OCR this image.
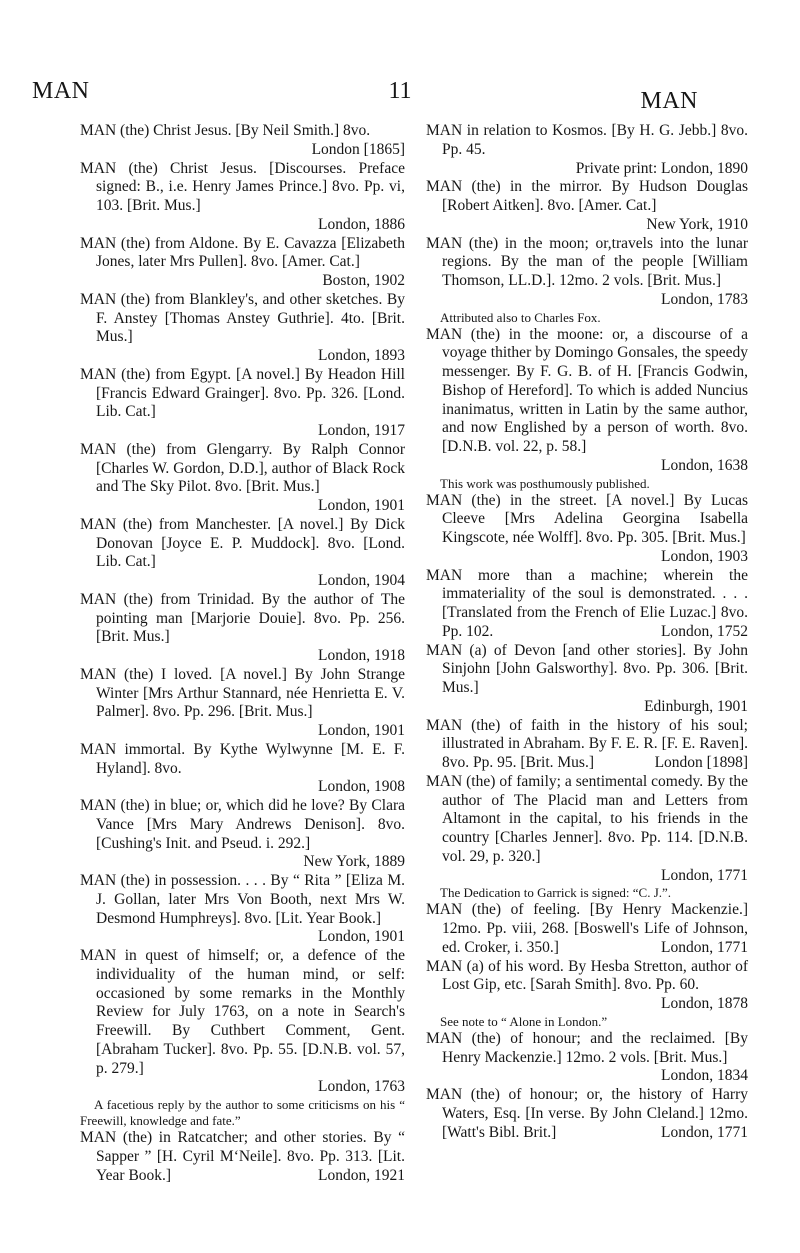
MAN	11	MAN
MAN (the) Christ Jesus. [By Neil Smith.] 8vo.
London [1865]
MAN (the) Christ Jesus. [Discourses. Preface signed: B., i.e. Henry James Prince.] 8vo. Pp. vi, 103. [Brit. Mus.]
London, 1886
MAN (the) from Aldone. By E. Cavazza [Elizabeth Jones, later Mrs Pullen]. 8vo. [Amer. Cat.]
Boston, 1902
MAN (the) from Blankley's, and other sketches. By F. Anstey [Thomas Anstey Guthrie]. 4to. [Brit. Mus.]
London, 1893
MAN (the) from Egypt. [A novel.] By Headon Hill [Francis Edward Grainger]. 8vo. Pp. 326. [Lond. Lib. Cat.]
London, 1917
MAN (the) from Glengarry. By Ralph Connor [Charles W. Gordon, D.D.], author of Black Rock and The Sky Pilot. 8vo. [Brit. Mus.]
London, 1901
MAN (the) from Manchester. [A novel.] By Dick Donovan [Joyce E. P. Muddock]. 8vo. [Lond. Lib. Cat.]
London, 1904
MAN (the) from Trinidad. By the author of The pointing man [Marjorie Douie]. 8vo. Pp. 256. [Brit. Mus.]
London, 1918
MAN (the) I loved. [A novel.] By John Strange Winter [Mrs Arthur Stannard, née Henrietta E. V. Palmer]. 8vo. Pp. 296. [Brit. Mus.]
London, 1901
MAN immortal. By Kythe Wylwynne [M. E. F. Hyland]. 8vo.
London, 1908
MAN (the) in blue; or, which did he love? By Clara Vance [Mrs Mary Andrews Denison]. 8vo. [Cushing's Init. and Pseud. i. 292.]
New York, 1889
MAN (the) in possession. . . . By “ Rita ” [Eliza M. J. Gollan, later Mrs Von Booth, next Mrs W. Desmond Humphreys]. 8vo. [Lit. Year Book.]
London, 1901
MAN in quest of himself; or, a defence of the individuality of the human mind, or self: occasioned by some remarks in the Monthly Review for July 1763, on a note in Search's Freewill. By Cuthbert Comment, Gent. [Abraham Tucker]. 8vo. Pp. 55. [D.N.B. vol. 57, p. 279.]
London, 1763
A facetious reply by the author to some criticisms on his “ Freewill, knowledge and fate.”
MAN (the) in Ratcatcher; and other stories. By “ Sapper ” [H. Cyril M‘Neile]. 8vo. Pp. 313. [Lit. Year Book.]	London, 1921
MAN in relation to Kosmos. [By H. G. Jebb.] 8vo. Pp. 45.
Private print: London, 1890
MAN (the) in the mirror. By Hudson Douglas [Robert Aitken]. 8vo. [Amer. Cat.]
New York, 1910
MAN (the) in the moon; or,travels into the lunar regions. By the man of the people [William Thomson, LL.D.]. 12mo. 2 vols. [Brit. Mus.]
London, 1783
Attributed also to Charles Fox.
MAN (the) in the moone: or, a discourse of a voyage thither by Domingo Gonsales, the speedy messenger. By F. G. B. of H. [Francis Godwin, Bishop of Hereford]. To which is added Nuncius inanimatus, written in Latin by the same author, and now Englished by a person of worth. 8vo. [D.N.B. vol. 22, p. 58.]
London, 1638
This work was posthumously published.
MAN (the) in the street. [A novel.] By Lucas Cleeve [Mrs Adelina Georgina Isabella Kingscote, née Wolff]. 8vo. Pp. 305. [Brit. Mus.]
London, 1903
MAN more than a machine; wherein the immateriality of the soul is demonstrated. . . . [Translated from the French of Elie Luzac.] 8vo. Pp. 102.	London, 1752
MAN (a) of Devon [and other stories]. By John Sinjohn [John Galsworthy]. 8vo. Pp. 306. [Brit. Mus.]
Edinburgh, 1901
MAN (the) of faith in the history of his soul; illustrated in Abraham. By F. E. R. [F. E. Raven]. 8vo. Pp. 95. [Brit. Mus.]	London [1898]
MAN (the) of family; a sentimental comedy. By the author of The Placid man and Letters from Altamont in the capital, to his friends in the country [Charles Jenner]. 8vo. Pp. 114. [D.N.B. vol. 29, p. 320.]
London, 1771
The Dedication to Garrick is signed: “C. J.”.
MAN (the) of feeling. [By Henry Mackenzie.] 12mo. Pp. viii, 268. [Boswell's Life of Johnson, ed. Croker, i. 350.]	London, 1771
MAN (a) of his word. By Hesba Stretton, author of Lost Gip, etc. [Sarah Smith]. 8vo. Pp. 60.
London, 1878
See note to “ Alone in London.”
MAN (the) of honour; and the reclaimed. [By Henry Mackenzie.] 12mo. 2 vols. [Brit. Mus.]
London, 1834
MAN (the) of honour; or, the history of Harry Waters, Esq. [In verse. By John Cleland.] 12mo. [Watt's Bibl. Brit.]	London, 1771
